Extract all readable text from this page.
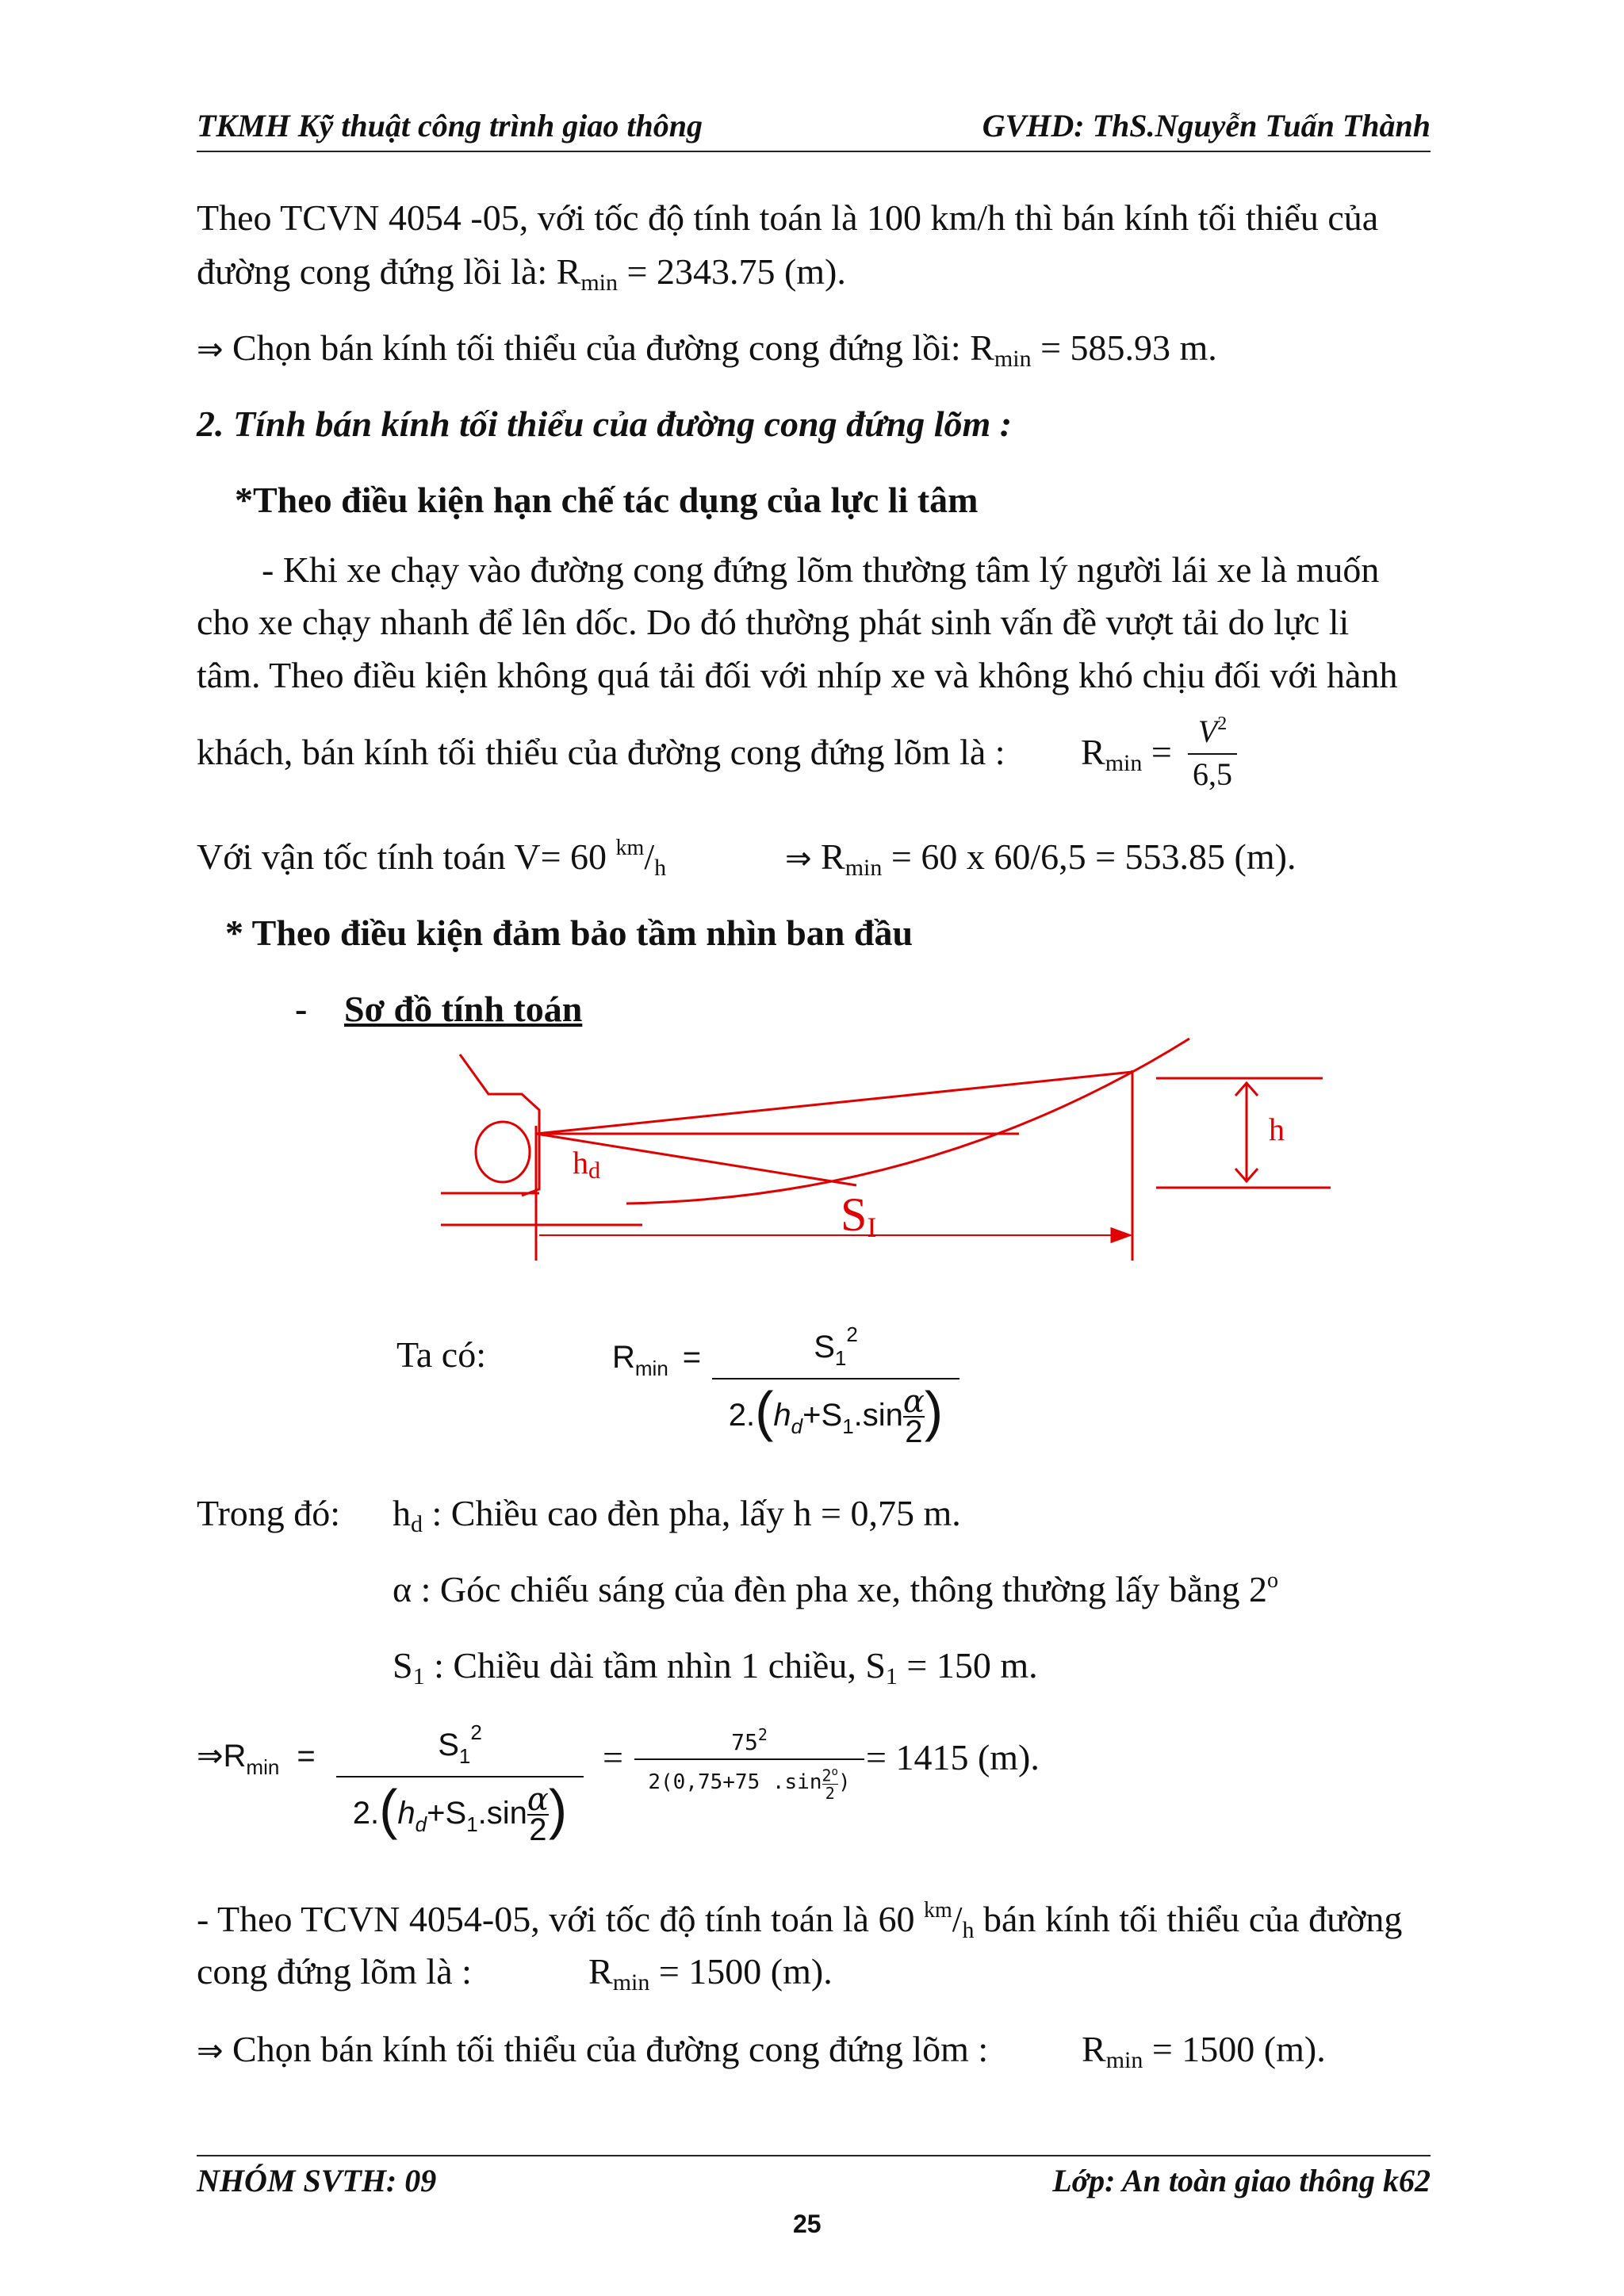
TKMH Kỹ thuật công trình giao thông	GVHD: ThS.Nguyễn Tuấn Thành
Theo TCVN 4054 -05, với tốc độ tính toán là 100 km/h thì bán kính tối thiểu của
đường cong đứng lồi là: $R_{min} = 2343.75$ (m).
⇒ Chọn bán kính tối thiểu của đường cong đứng lồi: $R_{min} = 585.93$ m.
2. Tính bán kính tối thiểu của đường cong đứng lõm :
*Theo điều kiện hạn chế tác dụng của lực li tâm
- Khi xe chạy vào đường cong đứng lõm thường tâm lý người lái xe là muốn
cho xe chạy nhanh để lên dốc. Do đó thường phát sinh vấn đề vượt tải do lực li
tâm. Theo điều kiện không quá tải đối với nhíp xe và không khó chịu đối với hành
khách, bán kính tối thiểu của đường cong đứng lõm là : $R_{min}$ =
$V^2$
6,5
Với vận tốc tính toán V= 60 $^{km}/_h$	⇒ $R_{min} = 60$ x 60/6,5 = 553.85 (m).
* Theo điều kiện đảm bảo tầm nhìn ban đầu
- Sơ đồ tính toán
h
hd
SI
Ta có:	$R_{min}$ =	$S_1^2$
$2.(h_d+S_1.\sin \frac{\alpha}{2}$ )
Trong đó: $h_d$ : Chiều cao đèn pha, lấy h = 0,75 m.
α : Góc chiếu sáng của đèn pha xe, thông thường lấy bằng 2$^o$
$S_1$ : Chiều dài tầm nhìn 1 chiều, $S_1 = 150$ m.
$\Rightarrow R_{min}$ =	$S_1^2$
$2.(h_d+S_1.\sin \frac{\alpha}{2}$ )
=	$75^2$
2(0,75+75 $.\sin \frac{2^o}{2}$ )
= 1415 (m).
- Theo TCVN 4054-05, với tốc độ tính toán là 60 $^{km}/_h$ bán kính tối thiểu của đường
cong đứng lõm là :	$R_{min} = 1500$ (m).
⇒ Chọn bán kính tối thiểu của đường cong đứng lõm :	$R_{min} = 1500$ (m).
NHÓM SVTH: 09	Lớp: An toàn giao thông k62
25
